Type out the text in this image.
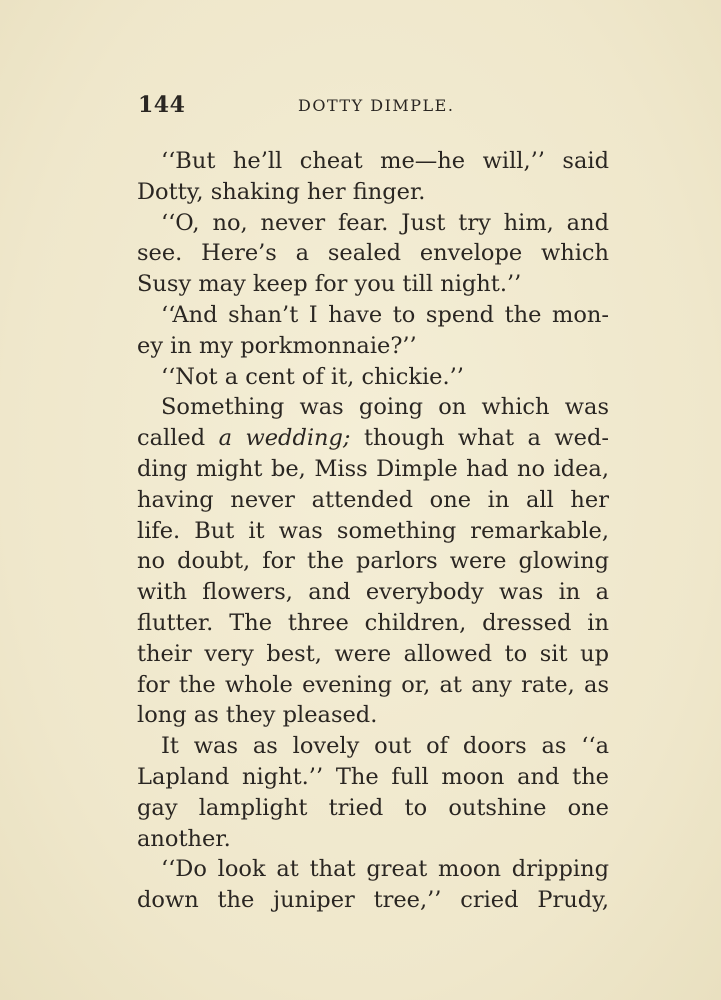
144	DOTTY DIMPLE.
‘‘But he’ll cheat me—he will,’’ said
Dotty, shaking her finger.
‘‘O, no, never fear. Just try him, and
see. Here’s a sealed envelope which
Susy may keep for you till night.’’
‘‘And shan’t I have to spend the mon-
ey in my porkmonnaie?’’
‘‘Not a cent of it, chickie.’’
Something was going on which was
called a wedding; though what a wed-
ding might be, Miss Dimple had no idea,
having never attended one in all her
life. But it was something remarkable,
no doubt, for the parlors were glowing
with flowers, and everybody was in a
flutter. The three children, dressed in
their very best, were allowed to sit up
for the whole evening or, at any rate, as
long as they pleased.
It was as lovely out of doors as ‘‘a
Lapland night.’’ The full moon and the
gay lamplight tried to outshine one
another.
‘‘Do look at that great moon dripping
down the juniper tree,’’ cried Prudy,
